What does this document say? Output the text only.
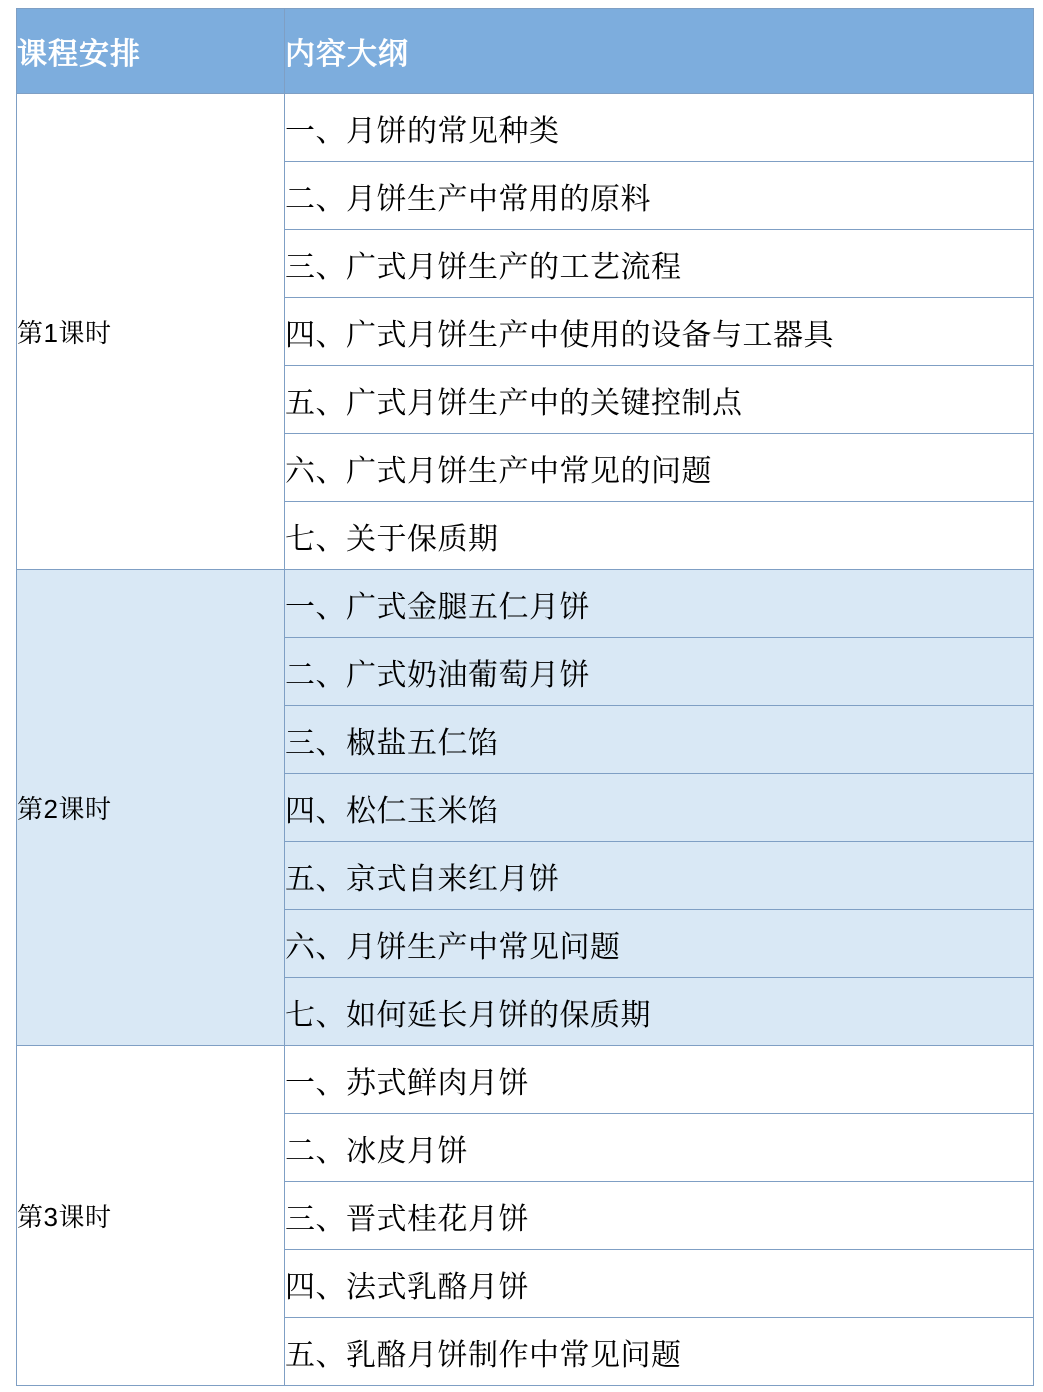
课程安排	内容大纲
第1课时	一、月饼的常见种类
	二、月饼生产中常用的原料
	三、广式月饼生产的工艺流程
	四、广式月饼生产中使用的设备与工器具
	五、广式月饼生产中的关键控制点
	六、广式月饼生产中常见的问题
	七、关于保质期
第2课时	一、广式金腿五仁月饼
	二、广式奶油葡萄月饼
	三、椒盐五仁馅
	四、松仁玉米馅
	五、京式自来红月饼
	六、月饼生产中常见问题
	七、如何延长月饼的保质期
第3课时	一、苏式鲜肉月饼
	二、冰皮月饼
	三、晋式桂花月饼
	四、法式乳酪月饼
	五、乳酪月饼制作中常见问题
